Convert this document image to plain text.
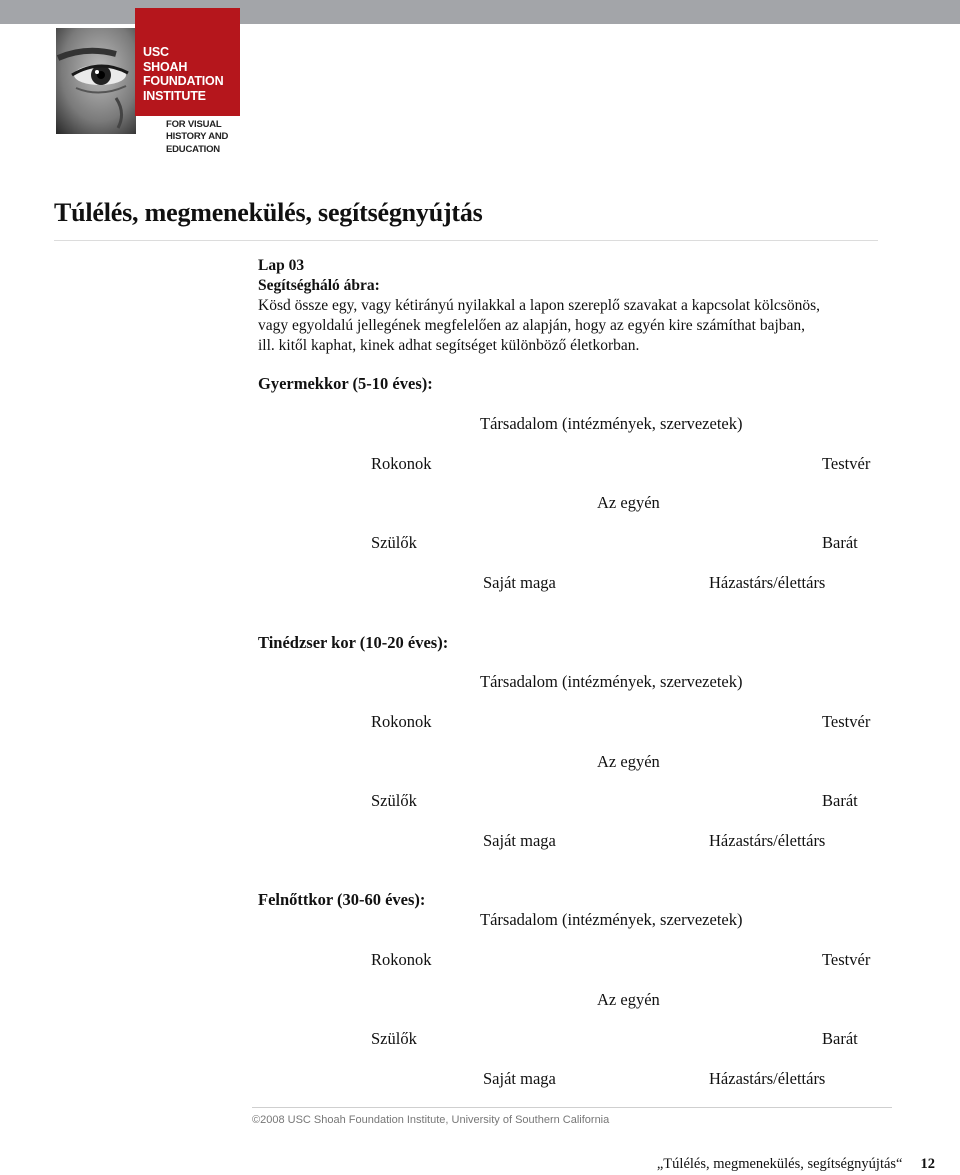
USC
SHOAH
FOUNDATION
INSTITUTE
FOR VISUAL
HISTORY AND
EDUCATION
Túlélés, megmenekülés, segítségnyújtás
Lap 03
Segítségháló ábra:
Kösd össze egy, vagy kétirányú nyilakkal a lapon szereplő szavakat a kapcsolat kölcsönös,
vagy egyoldalú jellegének megfelelően az alapján, hogy az egyén kire számíthat bajban,
ill. kitől kaphat, kinek adhat segítséget különböző életkorban.
Gyermekkor (5-10 éves):
Társadalom (intézmények, szervezetek)
Rokonok	Testvér
Az egyén
Szülők	Barát
Saját maga	Házastárs/élettárs
Tinédzser kor (10-20 éves):
Társadalom (intézmények, szervezetek)
Rokonok	Testvér
Az egyén
Szülők	Barát
Saját maga	Házastárs/élettárs
Felnőttkor (30-60 éves):
Társadalom (intézmények, szervezetek)
Rokonok	Testvér
Az egyén
Szülők	Barát
Saját maga	Házastárs/élettárs
©2008 USC Shoah Foundation Institute, University of Southern California
„Túlélés, megmenekülés, segítségnyújtás“ 12
